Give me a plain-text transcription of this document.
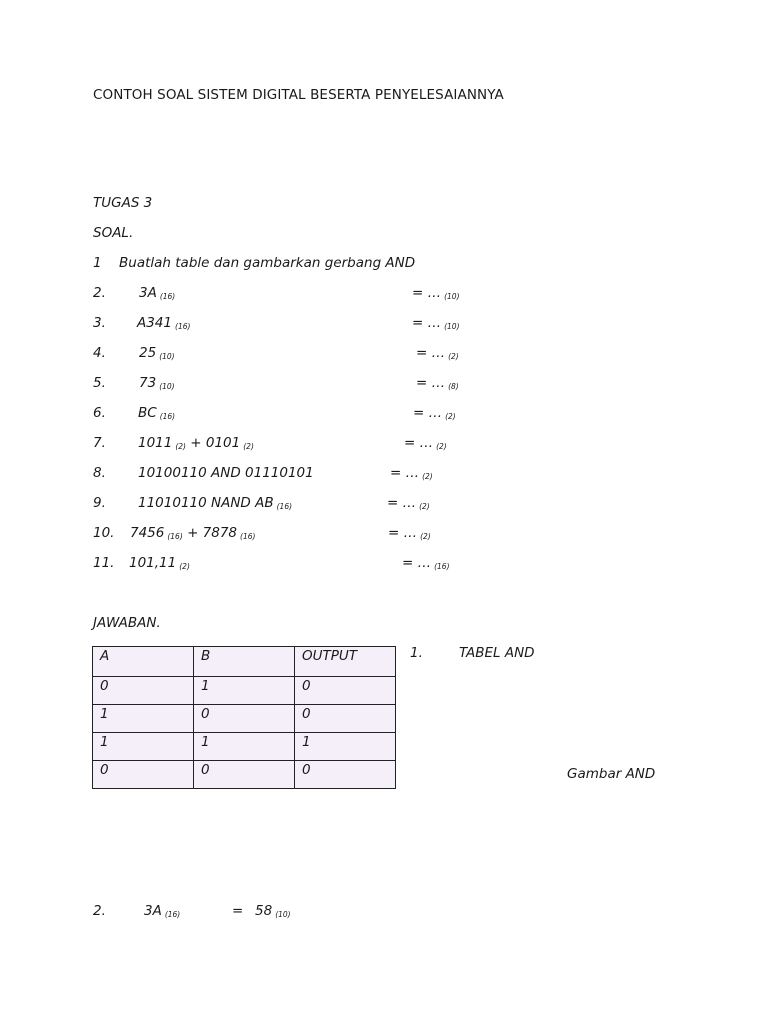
CONTOH SOAL SISTEM DIGITAL BESERTA PENYELESAIANNYA
TUGAS 3
SOAL.
1 Buatlah table dan gambarkan gerbang AND
2. 3A $_{(16)}$	= … $_{(10)}$
3. A341 $_{(16)}$	= … $_{(10)}$
4. 25 $_{(10)}$	= … $_{(2)}$
5. 73 $_{(10)}$	= … $_{(8)}$
6. BC $_{(16)}$	= … $_{(2)}$
7. 1011 $_{(2)}$ + 0101 $_{(2)}$	= … $_{(2)}$
8. 10100110 AND 01110101	= … $_{(2)}$
9. 11010110 NAND AB $_{(16)}$	= … $_{(2)}$
10. 7456 $_{(16)}$ + 7878 $_{(16)}$	= … $_{(2)}$
11. 101,11 $_{(2)}$	= … $_{(16)}$
JAWABAN.
A	B	OUTPUT
0	1	0
1	0	0
1	1	1
0	0	0
1.	TABEL AND
Gambar AND
2.	3A $_{(16)}$	= 58 $_{(10)}$
